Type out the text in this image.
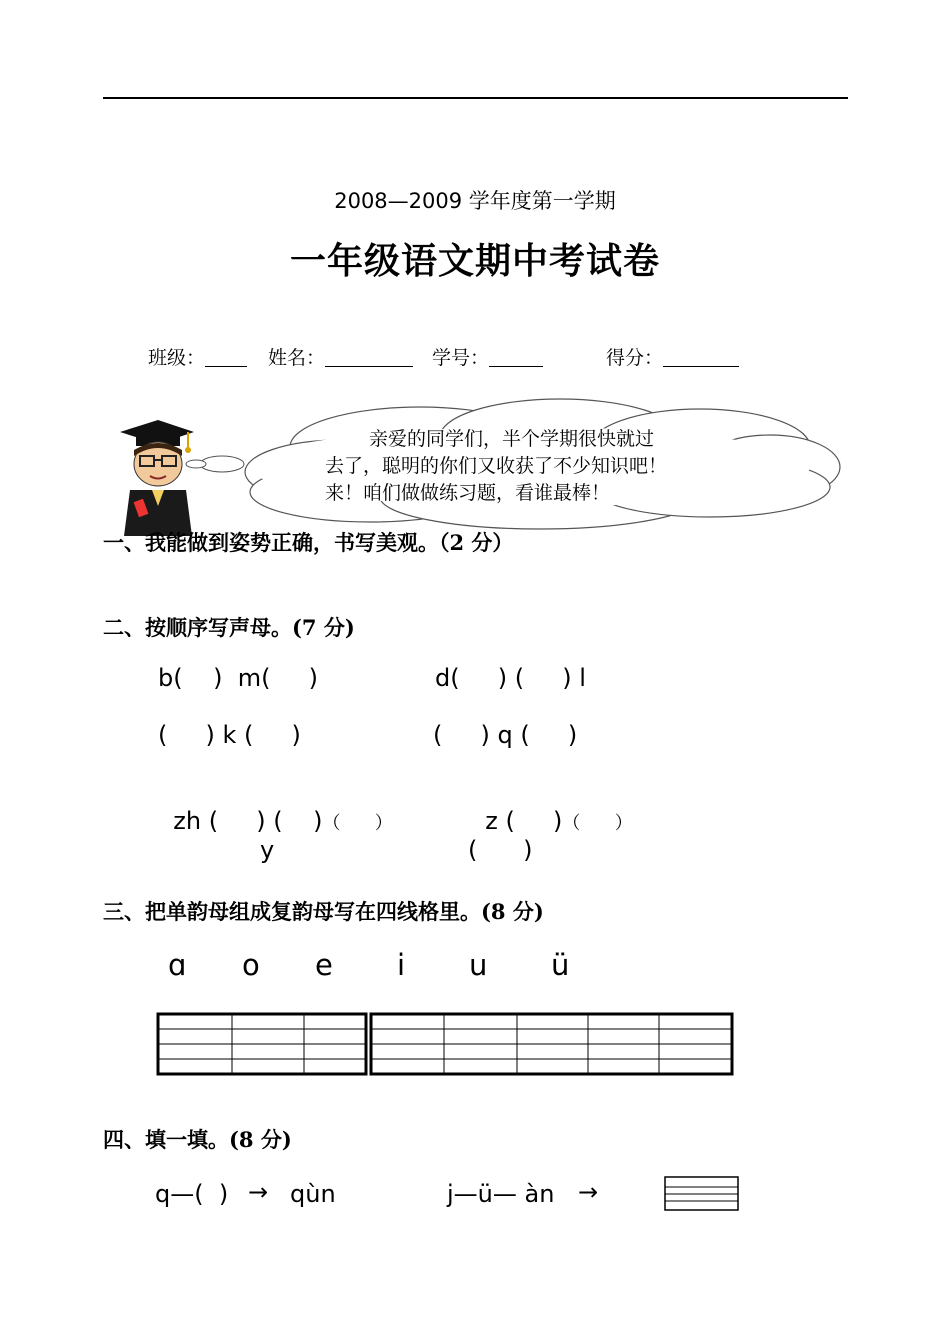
2008—2009 学年度第一学期
一年级语文期中考试卷
班级：	姓名：	学号：	得分：
亲爱的同学们，半个学期很快就过
去了，聪明的你们又收获了不少知识吧！
来！咱们做做练习题，看谁最棒！
一、我能做到姿势正确，书写美观。（2 分）
二、按顺序写声母。(7 分)
b(    )  m(     )	d(     ) (     ) l
(     ) k (     )	(     ) q (     )

zh (     ) (    )（      ）	z (     )（      ）

y	(      )
三、把单韵母组成复韵母写在四线格里。(8 分)
ɑ o e i u ü
四、填一填。(8 分)
q—(  ) → qùn	j—ü— àn →
